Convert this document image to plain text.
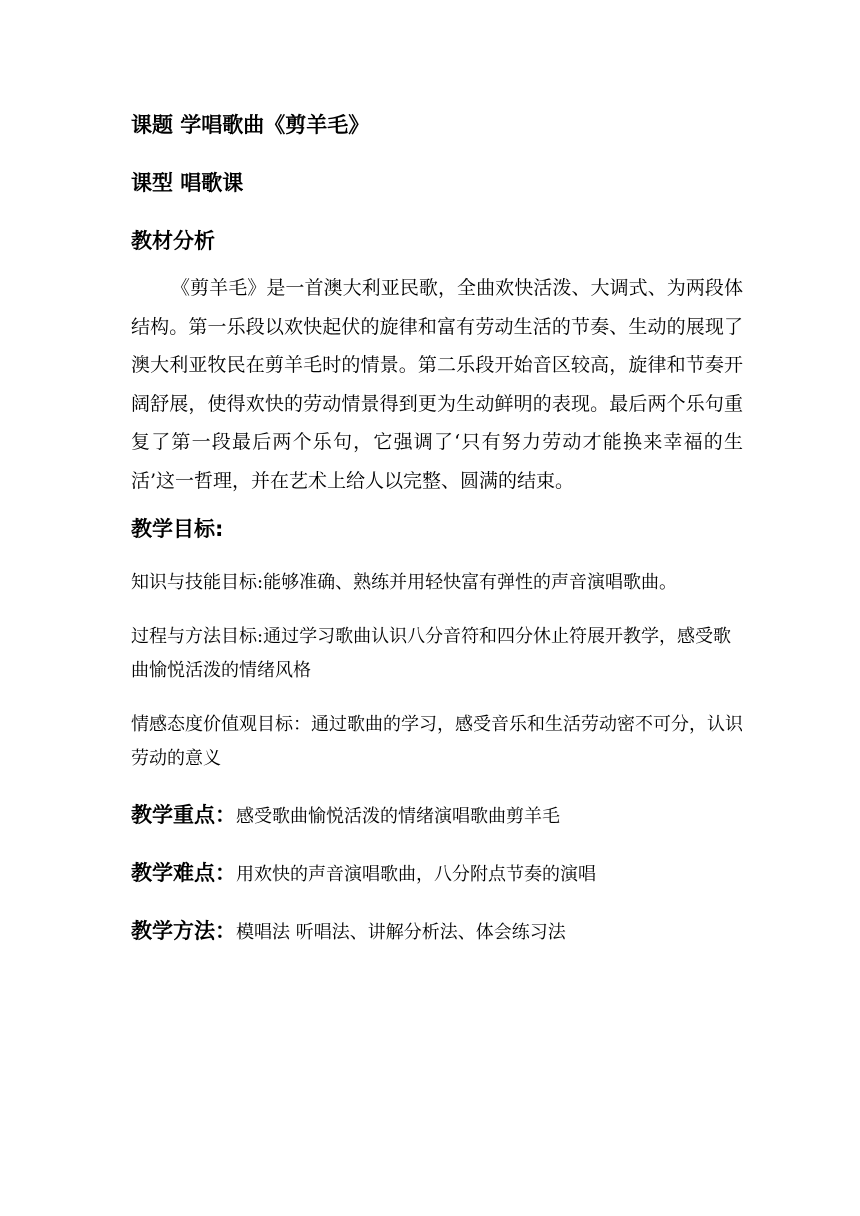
课题 学唱歌曲《剪羊毛》

课型 唱歌课

教材分析

《剪羊毛》是一首澳大利亚民歌，全曲欢快活泼、大调式、为两段体结构。第一乐段以欢快起伏的旋律和富有劳动生活的节奏、生动的展现了澳大利亚牧民在剪羊毛时的情景。第二乐段开始音区较高，旋律和节奏开阔舒展，使得欢快的劳动情景得到更为生动鲜明的表现。最后两个乐句重复了第一段最后两个乐句，它强调了‘只有努力劳动才能换来幸福的生活’这一哲理，并在艺术上给人以完整、圆满的结束。

教学目标:

知识与技能目标:能够准确、熟练并用轻快富有弹性的声音演唱歌曲。

过程与方法目标:通过学习歌曲认识八分音符和四分休止符展开教学，感受歌曲愉悦活泼的情绪风格

情感态度价值观目标：通过歌曲的学习，感受音乐和生活劳动密不可分，认识劳动的意义

教学重点：感受歌曲愉悦活泼的情绪演唱歌曲剪羊毛

教学难点：用欢快的声音演唱歌曲，八分附点节奏的演唱

教学方法：模唱法 听唱法、讲解分析法、体会练习法
